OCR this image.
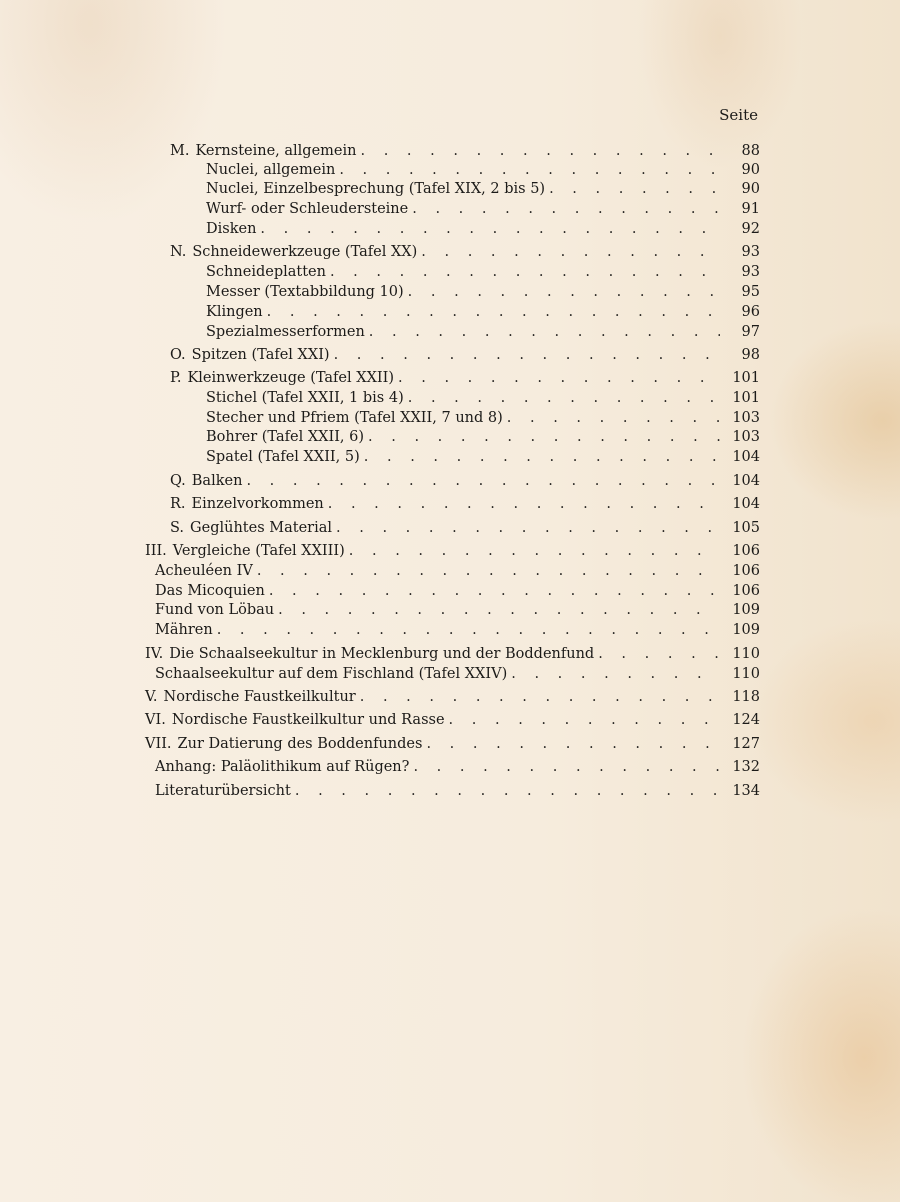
Seite
M. Kernsteine, allgemein . . .	88
Nuclei, allgemein . . .	90
Nuclei, Einzelbesprechung (Tafel XIX, 2 bis 5) . . .	90
Wurf- oder Schleudersteine . . .	91
Disken . . .	92
N. Schneidewerkzeuge (Tafel XX) . . .	93
Schneideplatten . . .	93
Messer (Textabbildung 10) . . .	95
Klingen . . .	96
Spezialmesserformen . . .	97
O. Spitzen (Tafel XXI) . . .	98
P. Kleinwerkzeuge (Tafel XXII) . . .	101
Stichel (Tafel XXII, 1 bis 4) . . .	101
Stecher und Pfriem (Tafel XXII, 7 und 8) . . .	103
Bohrer (Tafel XXII, 6) . . .	103
Spatel (Tafel XXII, 5) . . .	104
Q. Balken . . .	104
R. Einzelvorkommen . . .	104
S. Geglühtes Material . . .	105
III. Vergleiche (Tafel XXIII) . . .	106
Acheuléen IV . . .	106
Das Micoquien . . .	106
Fund von Löbau . . .	109
Mähren . . .	109
IV. Die Schaalseekultur in Mecklenburg und der Boddenfund . . .	110
Schaalseekultur auf dem Fischland (Tafel XXIV) . . .	110
V. Nordische Faustkeilkultur . . .	118
VI. Nordische Faustkeilkultur und Rasse . . .	124
VII. Zur Datierung des Boddenfundes . . .	127
Anhang: Paläolithikum auf Rügen? . . .	132
Literaturübersicht . . .	134
